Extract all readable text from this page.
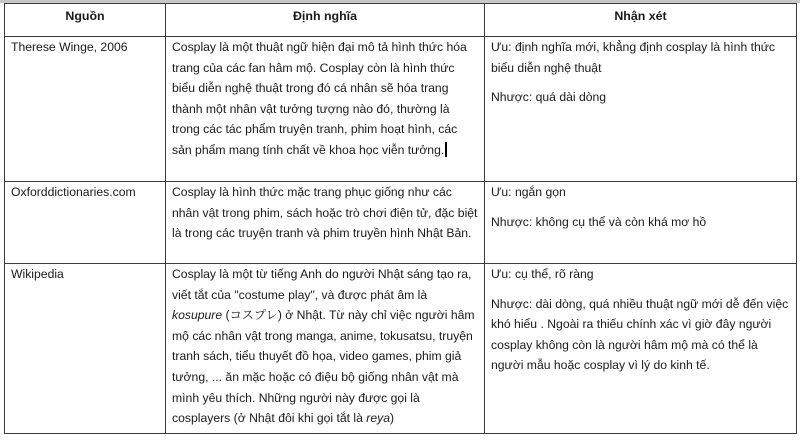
Nguồn	Định nghĩa	Nhận xét
Therese Winge, 2006	Cosplay là một thuật ngữ hiện đại mô tả hình thức hóa trang của các fan hâm mộ. Cosplay còn là hình thức biểu diễn nghệ thuật trong đó cá nhân sẽ hóa trang thành một nhân vật tưởng tượng nào đó, thường là trong các tác phẩm truyện tranh, phim hoạt hình, các sản phẩm mang tính chất về khoa học viễn tưởng.	Ưu: định nghĩa mới, khẳng định cosplay là hình thức biểu diễn nghệ thuật
Nhược: quá dài dòng

Oxforddictionaries.com	Cosplay là hình thức mặc trang phục giống như các nhân vật trong phim, sách hoặc trò chơi điện tử, đặc biệt là trong các truyện tranh và phim truyền hình Nhật Bản.	Ưu: ngắn gọn
Nhược: không cụ thể và còn khá mơ hồ

Wikipedia	Cosplay là một từ tiếng Anh do người Nhật sáng tạo ra, viết tắt của "costume play", và được phát âm là kosupure (コスプレ) ở Nhật. Từ này chỉ việc người hâm mộ các nhân vật trong manga, anime, tokusatsu, truyện tranh sách, tiểu thuyết đồ họa, video games, phim giả tưởng, ... ăn mặc hoặc có điệu bộ giống nhân vật mà mình yêu thích. Những người này được gọi là cosplayers (ở Nhật đôi khi gọi tắt là reya)	
Ưu: cụ thể, rõ ràng
Nhược: dài dòng, quá nhiều thuật ngữ mới dễ đến việc khó hiểu . Ngoài ra thiếu chính xác vì giờ đây người cosplay không còn là người hâm mộ mà có thể là người mẫu hoặc cosplay vì lý do kinh tế.
